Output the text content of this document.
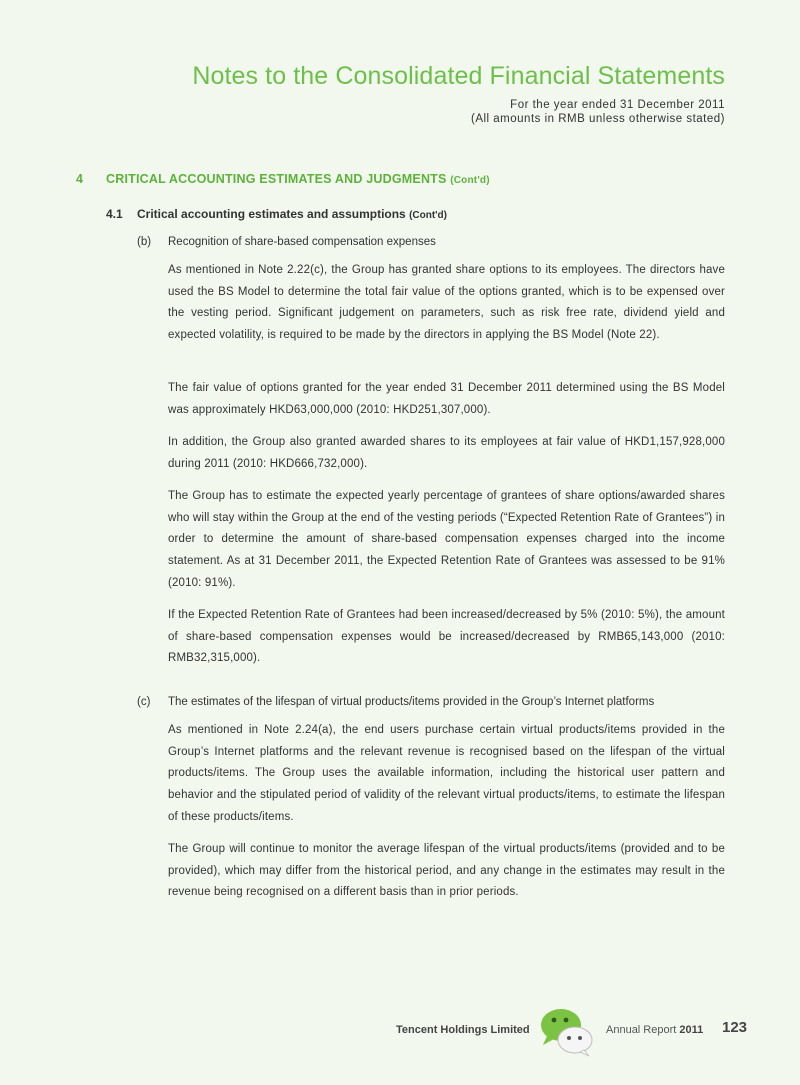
Notes to the Consolidated Financial Statements
For the year ended 31 December 2011
(All amounts in RMB unless otherwise stated)
4 CRITICAL ACCOUNTING ESTIMATES AND JUDGMENTS (Cont'd)
4.1 Critical accounting estimates and assumptions (Cont'd)
(b) Recognition of share-based compensation expenses
As mentioned in Note 2.22(c), the Group has granted share options to its employees. The directors have used the BS Model to determine the total fair value of the options granted, which is to be expensed over the vesting period. Significant judgement on parameters, such as risk free rate, dividend yield and expected volatility, is required to be made by the directors in applying the BS Model (Note 22).
The fair value of options granted for the year ended 31 December 2011 determined using the BS Model was approximately HKD63,000,000 (2010: HKD251,307,000).
In addition, the Group also granted awarded shares to its employees at fair value of HKD1,157,928,000 during 2011 (2010: HKD666,732,000).
The Group has to estimate the expected yearly percentage of grantees of share options/awarded shares who will stay within the Group at the end of the vesting periods (“Expected Retention Rate of Grantees”) in order to determine the amount of share-based compensation expenses charged into the income statement. As at 31 December 2011, the Expected Retention Rate of Grantees was assessed to be 91% (2010: 91%).
If the Expected Retention Rate of Grantees had been increased/decreased by 5% (2010: 5%), the amount of share-based compensation expenses would be increased/decreased by RMB65,143,000 (2010: RMB32,315,000).
(c) The estimates of the lifespan of virtual products/items provided in the Group’s Internet platforms
As mentioned in Note 2.24(a), the end users purchase certain virtual products/items provided in the Group’s Internet platforms and the relevant revenue is recognised based on the lifespan of the virtual products/items. The Group uses the available information, including the historical user pattern and behavior and the stipulated period of validity of the relevant virtual products/items, to estimate the lifespan of these products/items.
The Group will continue to monitor the average lifespan of the virtual products/items (provided and to be provided), which may differ from the historical period, and any change in the estimates may result in the revenue being recognised on a different basis than in prior periods.
Tencent Holdings Limited	Annual Report 2011 123
